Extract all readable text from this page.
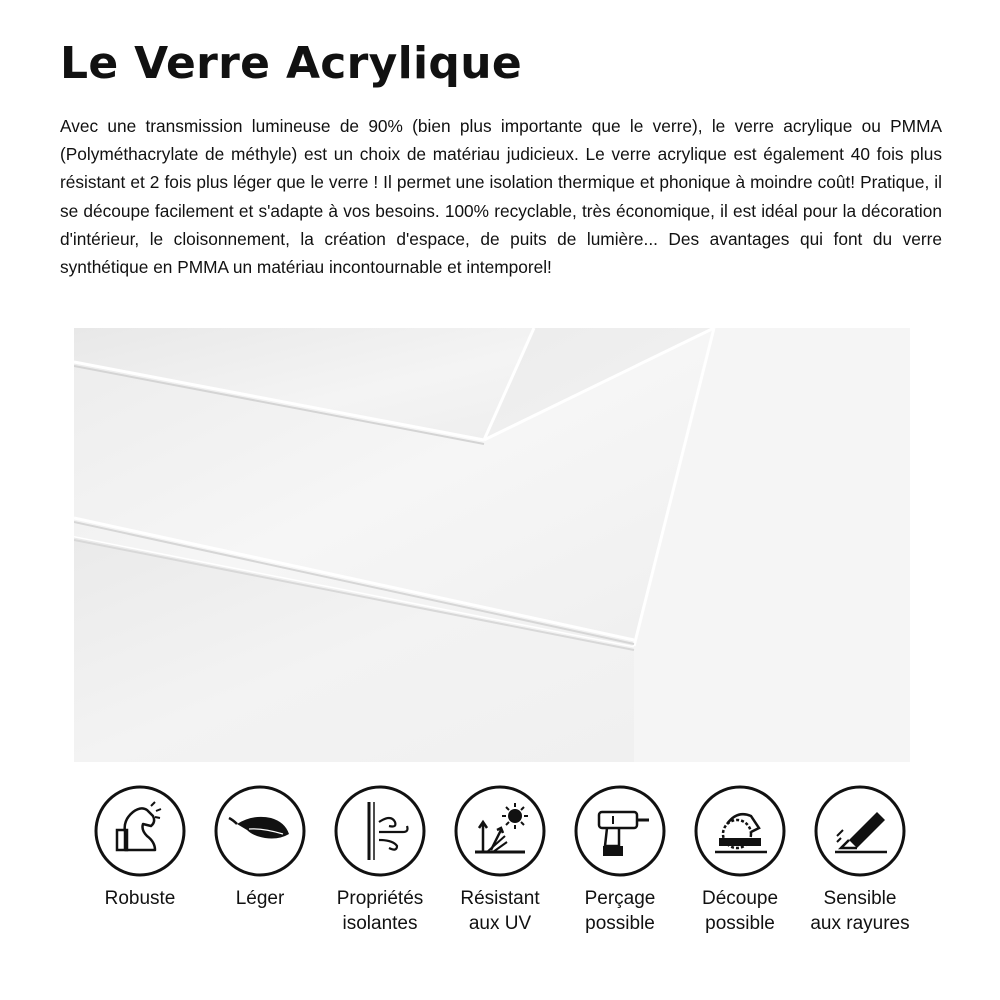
Le Verre Acrylique

Avec une transmission lumineuse de 90% (bien plus importante que le verre), le verre acrylique ou PMMA (Polyméthacrylate de méthyle) est un choix de matériau judicieux. Le verre acrylique est également 40 fois plus résistant et 2 fois plus léger que le verre ! Il permet une isolation thermique et phonique à moindre coût! Pratique, il se découpe facilement et s'adapte à vos besoins. 100% recyclable, très économique, il est idéal pour la décoration d'intérieur, le cloisonnement, la création d'espace, de puits de lumière... Des avantages qui font du verre synthétique en PMMA un matériau incontournable et intemporel!

Robuste	Léger	Propriétés
isolantes
Résistant
aux UV
Perçage
possible
Découpe
possible
Sensible
aux rayures
